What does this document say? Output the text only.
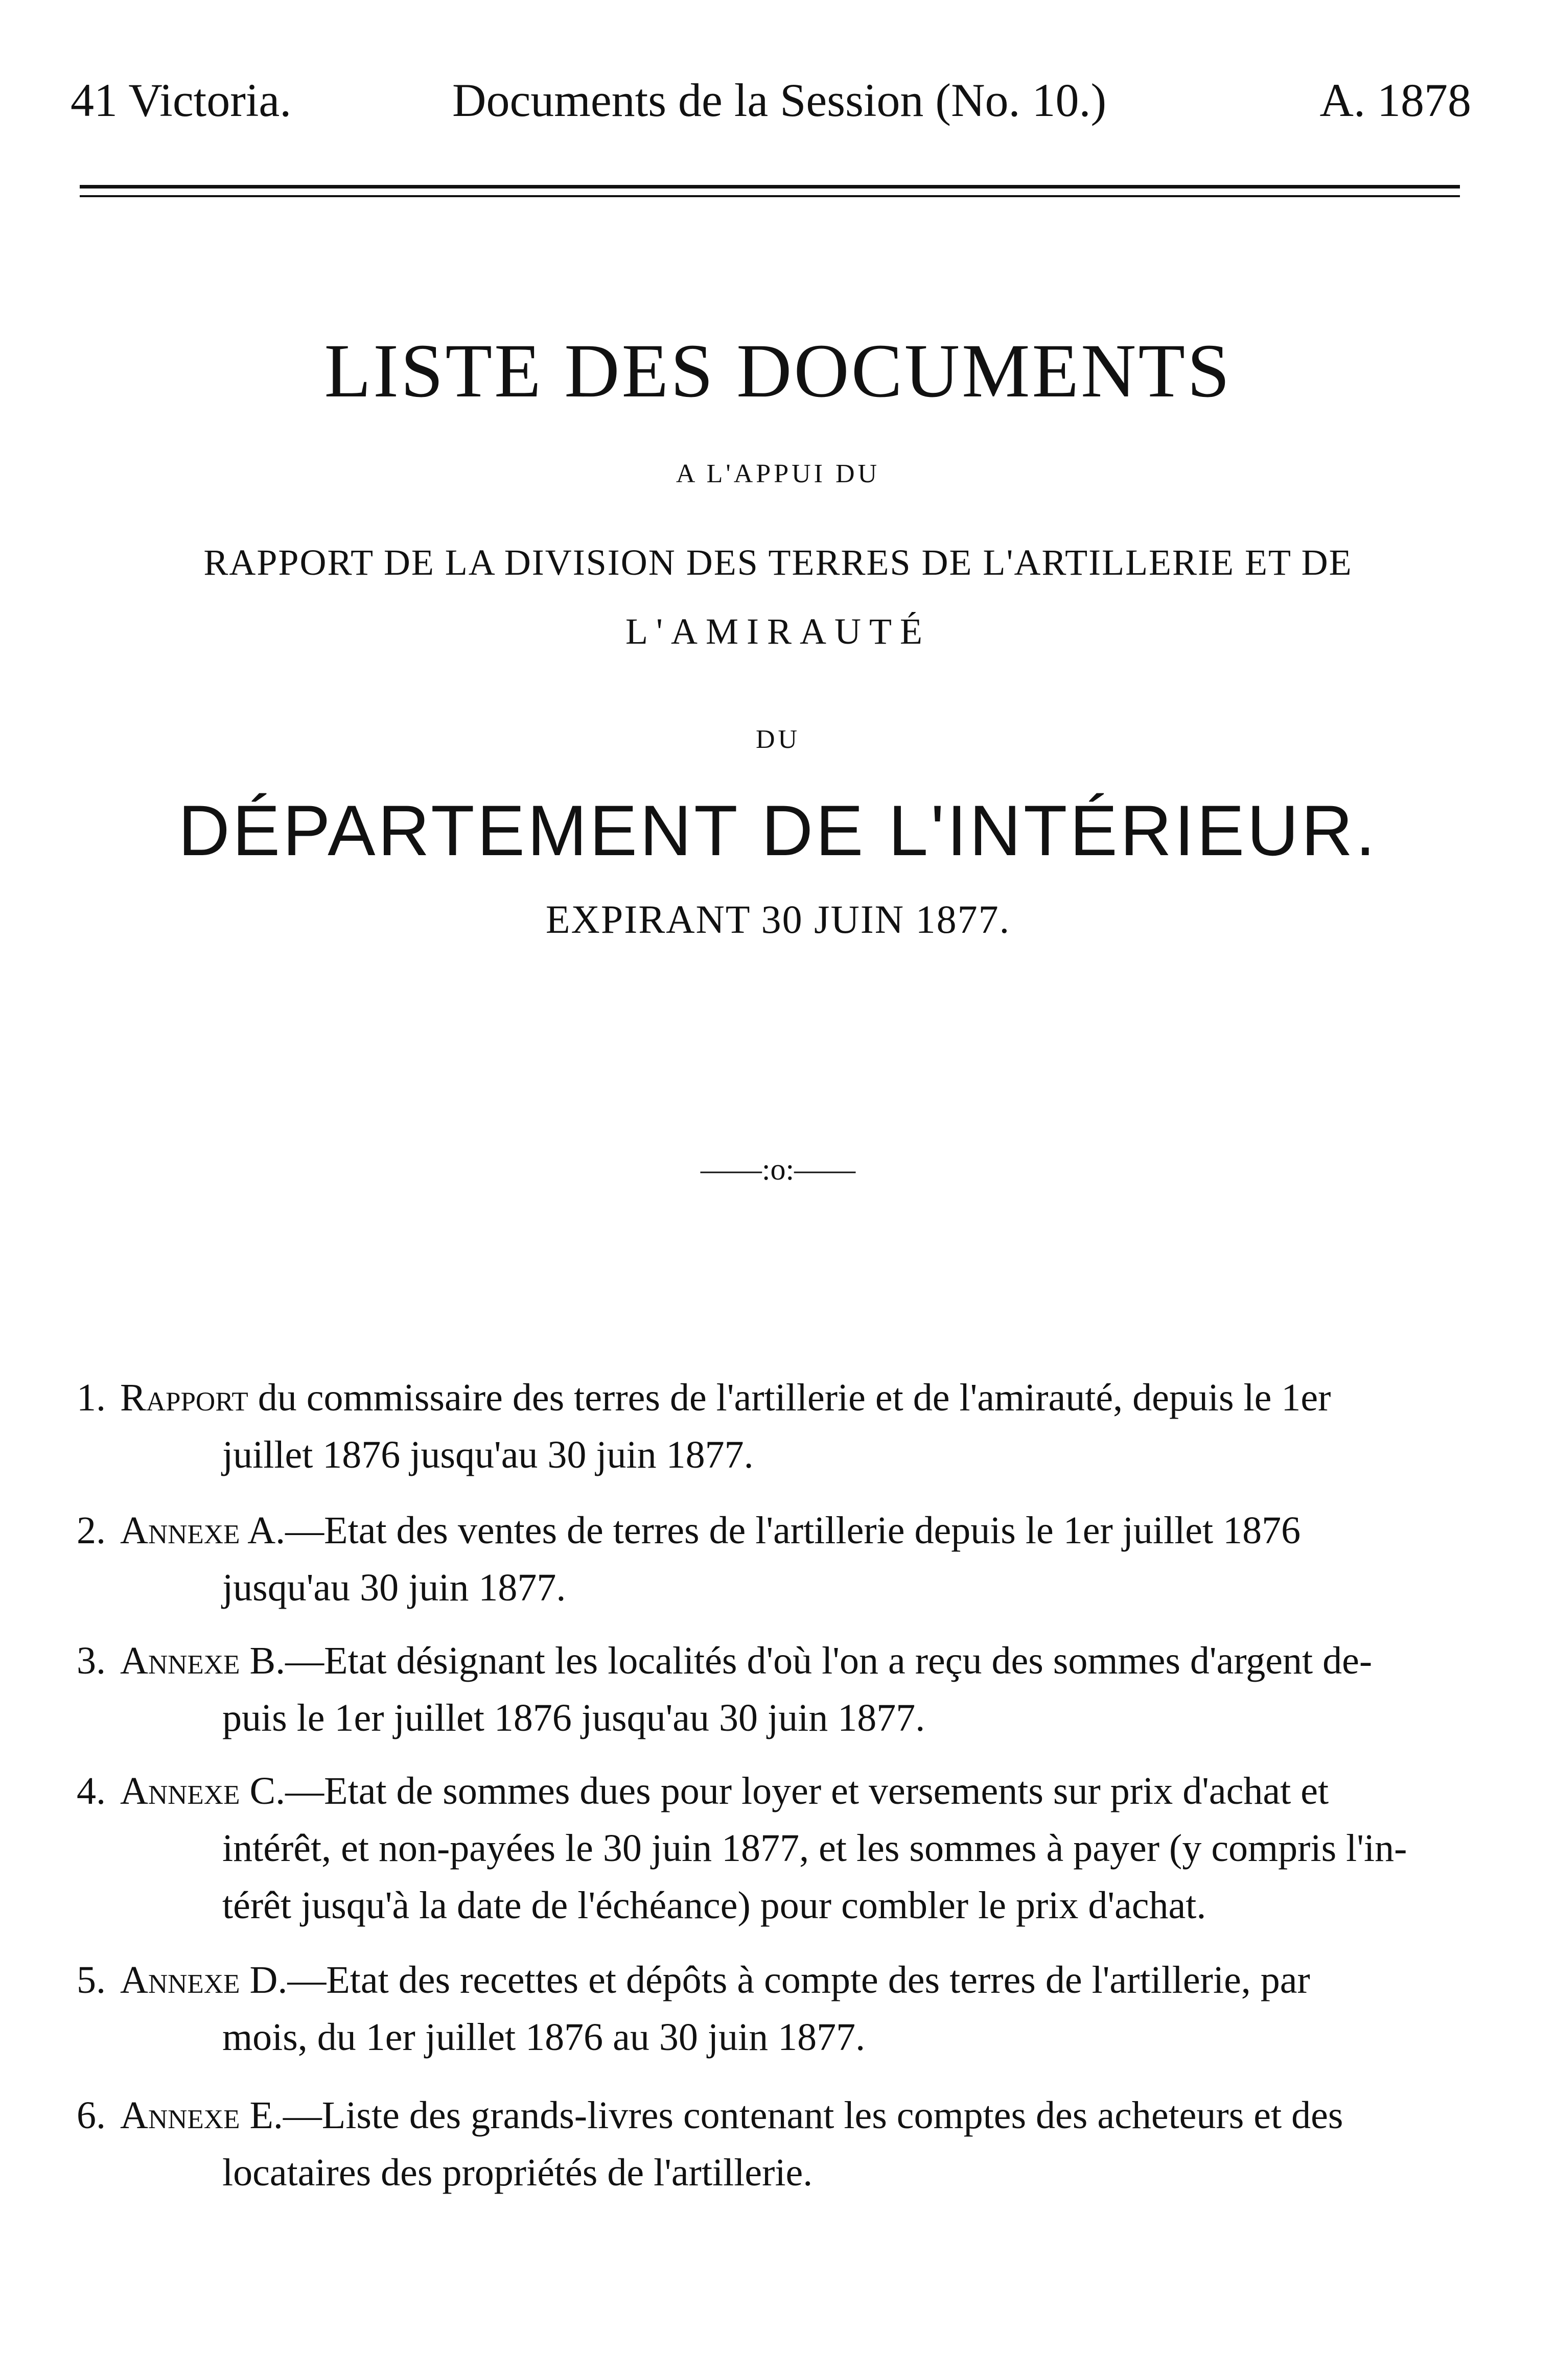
41 Victoria.	Documents de la Session (No. 10.)	A. 1878
LISTE DES DOCUMENTS
A L'APPUI DU
RAPPORT DE LA DIVISION DES TERRES DE L'ARTILLERIE ET DE
L'AMIRAUTÉ
DU
DÉPARTEMENT DE L'INTÉRIEUR.
EXPIRANT 30 JUIN 1877.
——:o:——
1. Rapport du commissaire des terres de l'artillerie et de l'amirauté, depuis le 1er
juillet 1876 jusqu'au 30 juin 1877.
2. Annexe A.—Etat des ventes de terres de l'artillerie depuis le 1er juillet 1876
jusqu'au 30 juin 1877.
3. Annexe B.—Etat désignant les localités d'où l'on a reçu des sommes d'argent de-
puis le 1er juillet 1876 jusqu'au 30 juin 1877.
4. Annexe C.—Etat de sommes dues pour loyer et versements sur prix d'achat et
intérêt, et non-payées le 30 juin 1877, et les sommes à payer (y compris l'in-
térêt jusqu'à la date de l'échéance) pour combler le prix d'achat.
5. Annexe D.—Etat des recettes et dépôts à compte des terres de l'artillerie, par
mois, du 1er juillet 1876 au 30 juin 1877.
6. Annexe E.—Liste des grands-livres contenant les comptes des acheteurs et des
locataires des propriétés de l'artillerie.
